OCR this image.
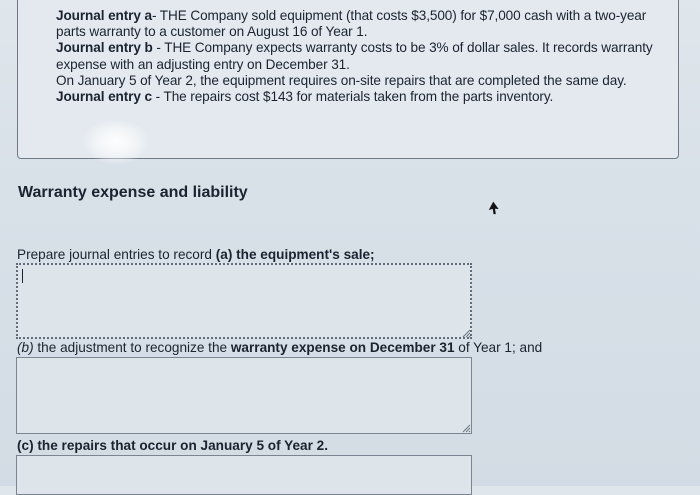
Journal entry a- THE Company sold equipment (that costs $3,500) for $7,000 cash with a two-year parts warranty to a customer on August 16 of Year 1.

Journal entry b - THE Company expects warranty costs to be 3% of dollar sales. It records warranty expense with an adjusting entry on December 31.

On January 5 of Year 2, the equipment requires on-site repairs that are completed the same day.

Journal entry c - The repairs cost $143 for materials taken from the parts inventory.

Warranty expense and liability

Prepare journal entries to record (a) the equipment's sale;

(b) the adjustment to recognize the warranty expense on December 31 of Year 1; and

(c) the repairs that occur on January 5 of Year 2.
